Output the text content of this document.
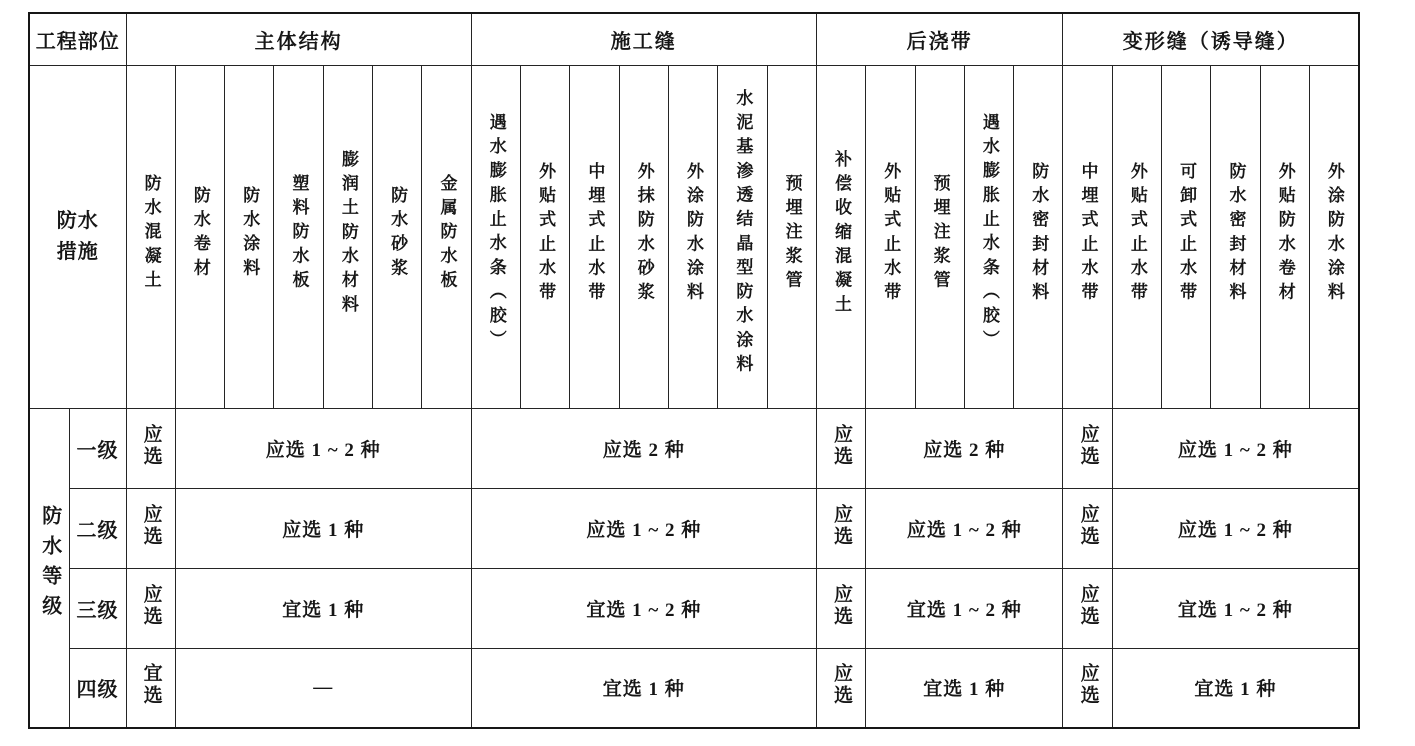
工程部位		主体结构							施工缝							后浇带					变形缝（诱导缝）					
防水措施		防水混凝土	防水卷材	防水涂料	塑料防水板	膨润土防水材料	防水砂浆	金属防水板	遇水膨胀止水条（胶）	外贴式止水带	中埋式止水带	外抹防水砂浆	外涂防水涂料	水泥基渗透结晶型防水涂料	预埋注浆管	补偿收缩混凝土	外贴式止水带	预埋注浆管	遇水膨胀止水条（胶）	防水密封材料	中埋式止水带	外贴式止水带	可卸式止水带	防水密封材料	外贴防水卷材	外涂防水涂料
防水等级	一级	应选	应选 1 ~ 2 种						应选 2 种							应选	应选 2 种				应选	应选 1 ~ 2 种				
	二级	应选	应选 1 种						应选 1 ~ 2 种							应选	应选 1 ~ 2 种				应选	应选 1 ~ 2 种				
	三级	应选	宜选 1 种						宜选 1 ~ 2 种							应选	宜选 1 ~ 2 种				应选	宜选 1 ~ 2 种				
	四级	宜选	—						宜选 1 种							应选	宜选 1 种				应选	宜选 1 种				
